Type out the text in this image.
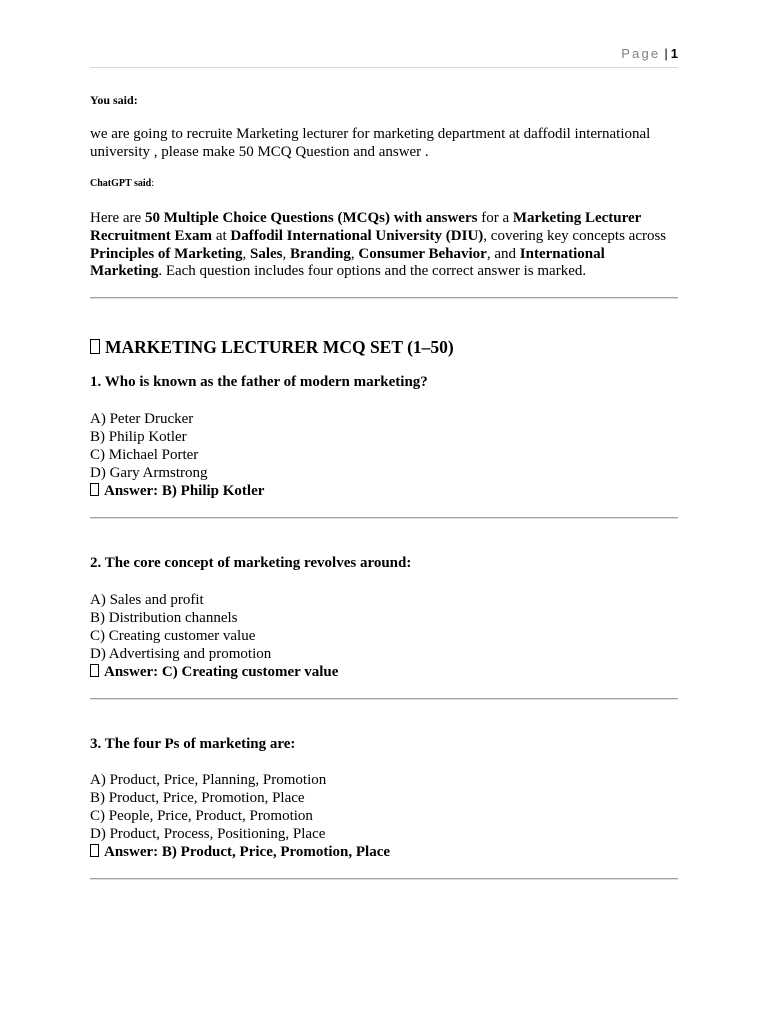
Page | 1
You said:
we are going to recruite Marketing lecturer for marketing department at daffodil international university , please make 50 MCQ Question and answer .
ChatGPT said:
Here are 50 Multiple Choice Questions (MCQs) with answers for a Marketing Lecturer Recruitment Exam at Daffodil International University (DIU), covering key concepts across Principles of Marketing, Sales, Branding, Consumer Behavior, and International Marketing. Each question includes four options and the correct answer is marked.
MARKETING LECTURER MCQ SET (1–50)
1. Who is known as the father of modern marketing?
A) Peter Drucker
B) Philip Kotler
C) Michael Porter
D) Gary Armstrong
Answer: B) Philip Kotler
2. The core concept of marketing revolves around:
A) Sales and profit
B) Distribution channels
C) Creating customer value
D) Advertising and promotion
Answer: C) Creating customer value
3. The four Ps of marketing are:
A) Product, Price, Planning, Promotion
B) Product, Price, Promotion, Place
C) People, Price, Product, Promotion
D) Product, Process, Positioning, Place
Answer: B) Product, Price, Promotion, Place
